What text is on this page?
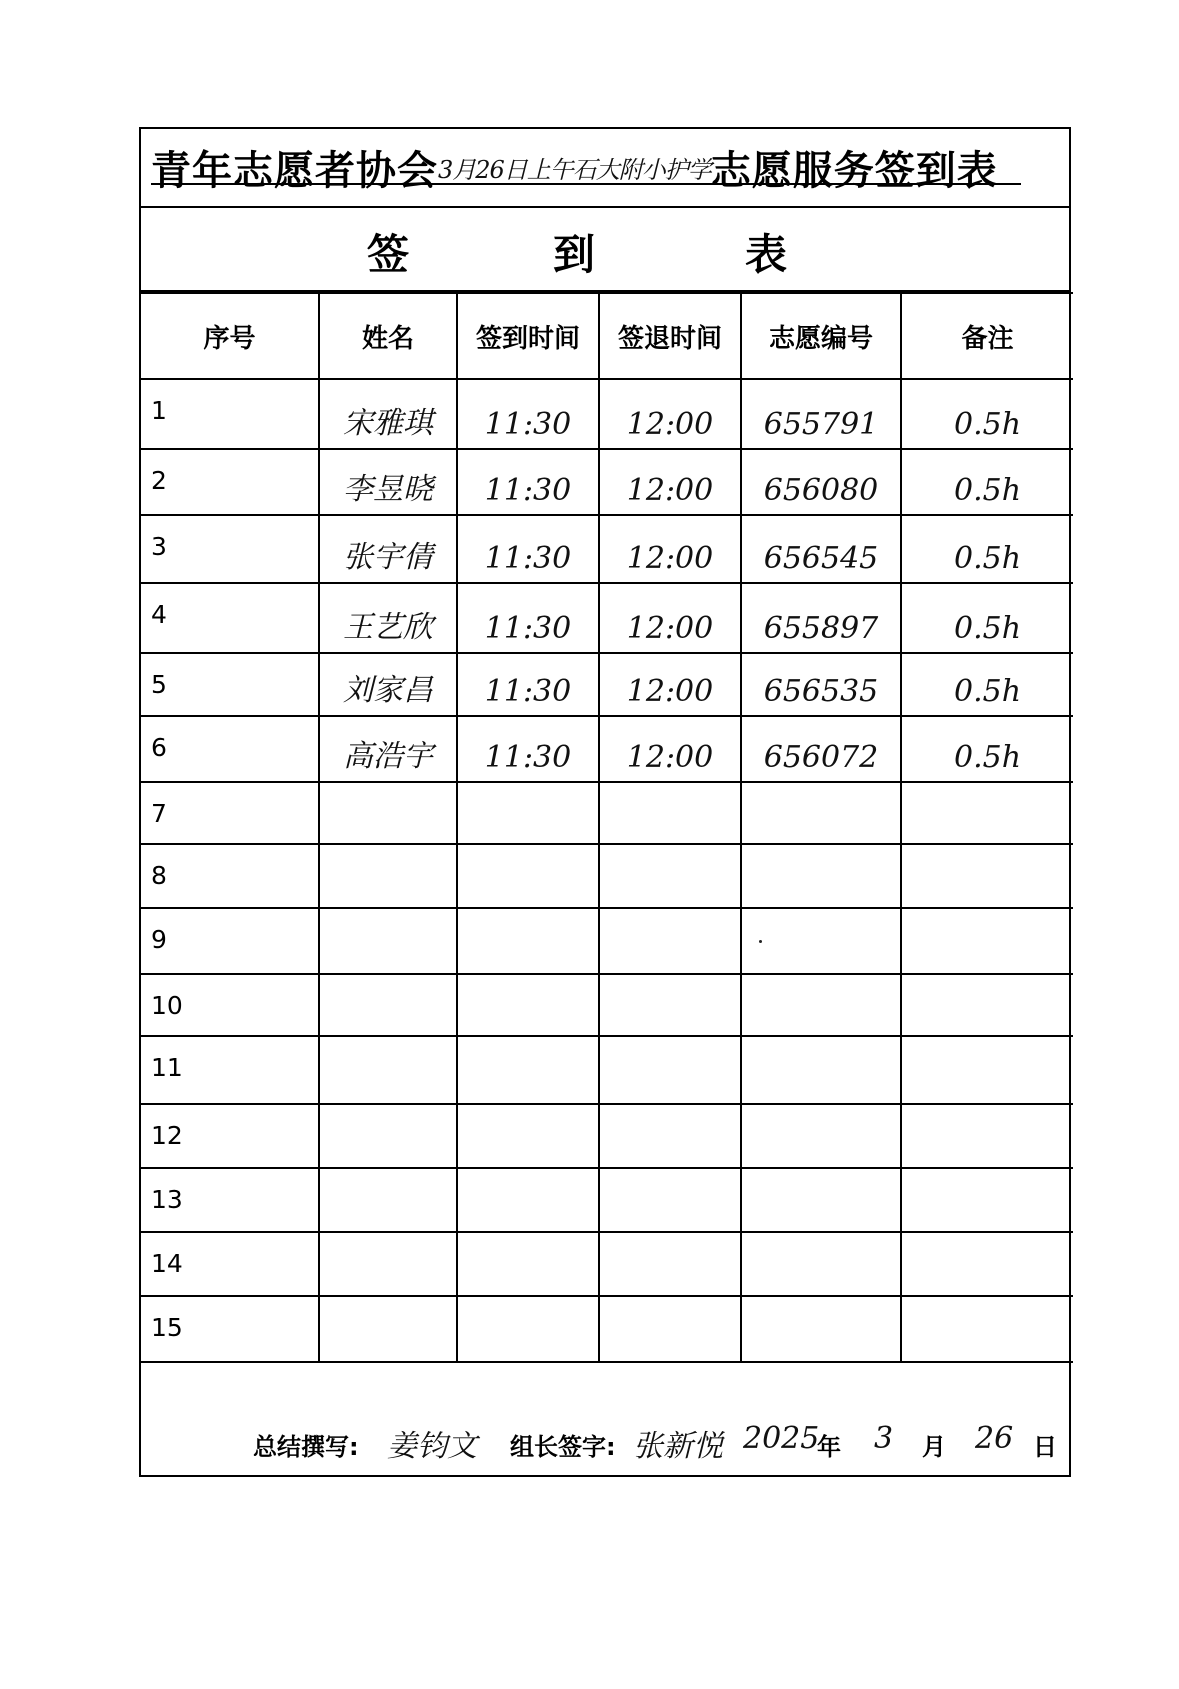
青年志愿者协会3月26日上午石大附小护学志愿服务签到表
签	到	表
序号	姓名	签到时间	签退时间	志愿编号	备注
1	宋雅琪	11:30	12:00	655791	0.5h
2	李昱晓	11:30	12:00	656080	0.5h
3	张宇倩	11:30	12:00	656545	0.5h
4	王艺欣	11:30	12:00	655897	0.5h
5	刘家昌	11:30	12:00	656535	0.5h
6	高浩宇	11:30	12:00	656072	0.5h
7					
8					
9					
10					
11					
12					
13					
14					
15					
总结撰写: 姜钧文 组长签字: 张新悦 2025
年 3 月 26 日
